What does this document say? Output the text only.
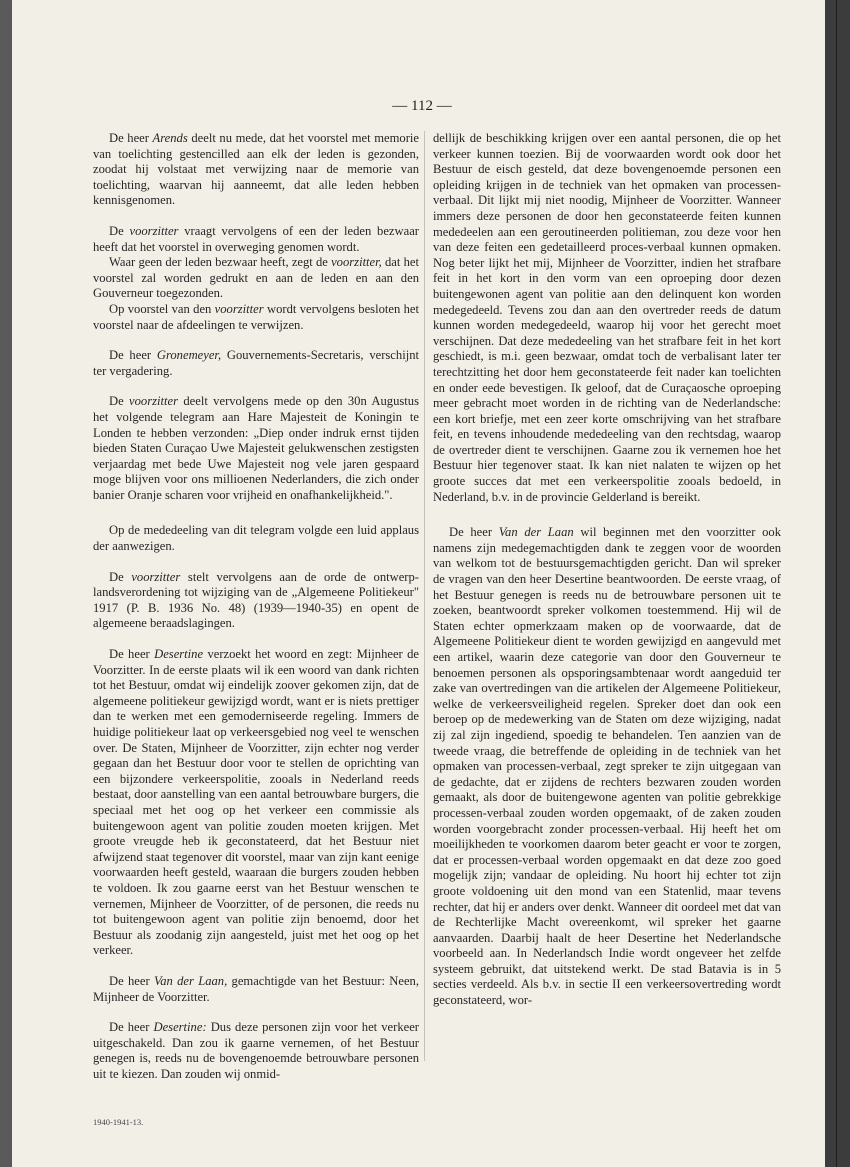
— 112 —

De heer Arends deelt nu mede, dat het voorstel met memorie van toelichting gestencilled aan elk der leden is gezonden, zoodat hij volstaat met verwijzing naar de memorie van toelichting, waarvan hij aanneemt, dat alle leden hebben kennisgenomen.

De voorzitter vraagt vervolgens of een der leden bezwaar heeft dat het voorstel in overweging genomen wordt.

Waar geen der leden bezwaar heeft, zegt de voorzitter, dat het voorstel zal worden gedrukt en aan de leden en aan den Gouverneur toegezonden.

Op voorstel van den voorzitter wordt vervolgens besloten het voorstel naar de afdeelingen te verwijzen.

De heer Gronemeyer, Gouvernements-Secretaris, verschijnt ter vergadering.

De voorzitter deelt vervolgens mede op den 30n Augustus het volgende telegram aan Hare Majesteit de Koningin te Londen te hebben verzonden: „Diep onder indruk ernst tijden bieden Staten Curaçao Uwe Majesteit gelukwenschen zestigsten verjaardag met bede Uwe Majesteit nog vele jaren gespaard moge blijven voor ons millioenen Nederlanders, die zich onder banier Oranje scharen voor vrijheid en onafhankelijkheid.".

Op de mededeeling van dit telegram volgde een luid applaus der aanwezigen.

De voorzitter stelt vervolgens aan de orde de ontwerp-landsverordening tot wijziging van de „Algemeene Politiekeur" 1917 (P. B. 1936 No. 48) (1939—1940-35) en opent de algemeene beraadslagingen.

De heer Desertine verzoekt het woord en zegt: Mijnheer de Voorzitter. In de eerste plaats wil ik een woord van dank richten tot het Bestuur, omdat wij eindelijk zoover gekomen zijn, dat de algemeene politiekeur gewijzigd wordt, want er is niets prettiger dan te werken met een gemoderniseerde regeling. Immers de huidige politiekeur laat op verkeersgebied nog veel te wenschen over. De Staten, Mijnheer de Voorzitter, zijn echter nog verder gegaan dan het Bestuur door voor te stellen de oprichting van een bijzondere verkeerspolitie, zooals in Nederland reeds bestaat, door aanstelling van een aantal betrouwbare burgers, die speciaal met het oog op het verkeer een commissie als buitengewoon agent van politie zouden moeten krijgen. Met groote vreugde heb ik geconstateerd, dat het Bestuur niet afwijzend staat tegenover dit voorstel, maar van zijn kant eenige voorwaarden heeft gesteld, waaraan die burgers zouden hebben te voldoen. Ik zou gaarne eerst van het Bestuur wenschen te vernemen, Mijnheer de Voorzitter, of de personen, die reeds nu tot buitengewoon agent van politie zijn benoemd, door het Bestuur als zoodanig zijn aangesteld, juist met het oog op het verkeer.

De heer Van der Laan, gemachtigde van het Bestuur: Neen, Mijnheer de Voorzitter.

De heer Desertine: Dus deze personen zijn voor het verkeer uitgeschakeld. Dan zou ik gaarne vernemen, of het Bestuur genegen is, reeds nu de bovengenoemde betrouwbare personen uit te kiezen. Dan zouden wij onmid-

dellijk de beschikking krijgen over een aantal personen, die op het verkeer kunnen toezien. Bij de voorwaarden wordt ook door het Bestuur de eisch gesteld, dat deze bovengenoemde personen een opleiding krijgen in de techniek van het opmaken van processen-verbaal. Dit lijkt mij niet noodig, Mijnheer de Voorzitter. Wanneer immers deze personen de door hen geconstateerde feiten kunnen mededeelen aan een geroutineerden politieman, zou deze voor hen van deze feiten een gedetailleerd proces-verbaal kunnen opmaken. Nog beter lijkt het mij, Mijnheer de Voorzitter, indien het strafbare feit in het kort in den vorm van een oproeping door dezen buitengewonen agent van politie aan den delinquent kon worden medegedeeld. Tevens zou dan aan den overtreder reeds de datum kunnen worden medegedeeld, waarop hij voor het gerecht moet verschijnen. Dat deze mededeeling van het strafbare feit in het kort geschiedt, is m.i. geen bezwaar, omdat toch de verbalisant later ter terechtzitting het door hem geconstateerde feit nader kan toelichten en onder eede bevestigen. Ik geloof, dat de Curaçaosche oproeping meer gebracht moet worden in de richting van de Nederlandsche: een kort briefje, met een zeer korte omschrijving van het strafbare feit, en tevens inhoudende mededeeling van den rechtsdag, waarop de overtreder dient te verschijnen. Gaarne zou ik vernemen hoe het Bestuur hier tegenover staat. Ik kan niet nalaten te wijzen op het groote succes dat met een verkeerspolitie zooals bedoeld, in Nederland, b.v. in de provincie Gelderland is bereikt.

De heer Van der Laan wil beginnen met den voorzitter ook namens zijn medegemachtigden dank te zeggen voor de woorden van welkom tot de bestuursgemachtigden gericht. Dan wil spreker de vragen van den heer Desertine beantwoorden. De eerste vraag, of het Bestuur genegen is reeds nu de betrouwbare personen uit te zoeken, beantwoordt spreker volkomen toestemmend. Hij wil de Staten echter opmerkzaam maken op de voorwaarde, dat de Algemeene Politiekeur dient te worden gewijzigd en aangevuld met een artikel, waarin deze categorie van door den Gouverneur te benoemen personen als opsporingsambtenaar wordt aangeduid ter zake van overtredingen van die artikelen der Algemeene Politiekeur, welke de verkeersveiligheid regelen. Spreker doet dan ook een beroep op de medewerking van de Staten om deze wijziging, nadat zij zal zijn ingediend, spoedig te behandelen. Ten aanzien van de tweede vraag, die betreffende de opleiding in de techniek van het opmaken van processen-verbaal, zegt spreker te zijn uitgegaan van de gedachte, dat er zijdens de rechters bezwaren zouden worden gemaakt, als door de buitengewone agenten van politie gebrekkige processen-verbaal zouden worden opgemaakt, of de zaken zouden worden voorgebracht zonder processen-verbaal. Hij heeft het om moeilijkheden te voorkomen daarom beter geacht er voor te zorgen, dat er processen-verbaal worden opgemaakt en dat deze zoo goed mogelijk zijn; vandaar de opleiding. Nu hoort hij echter tot zijn groote voldoening uit den mond van een Statenlid, maar tevens rechter, dat hij er anders over denkt. Wanneer dit oordeel met dat van de Rechterlijke Macht overeenkomt, wil spreker het gaarne aanvaarden. Daarbij haalt de heer Desertine het Nederlandsche voorbeeld aan. In Nederlandsch Indie wordt ongeveer het zelfde systeem gebruikt, dat uitstekend werkt. De stad Batavia is in 5 secties verdeeld. Als b.v. in sectie II een verkeersovertreding wordt geconstateerd, wor-

1940-1941-13.
